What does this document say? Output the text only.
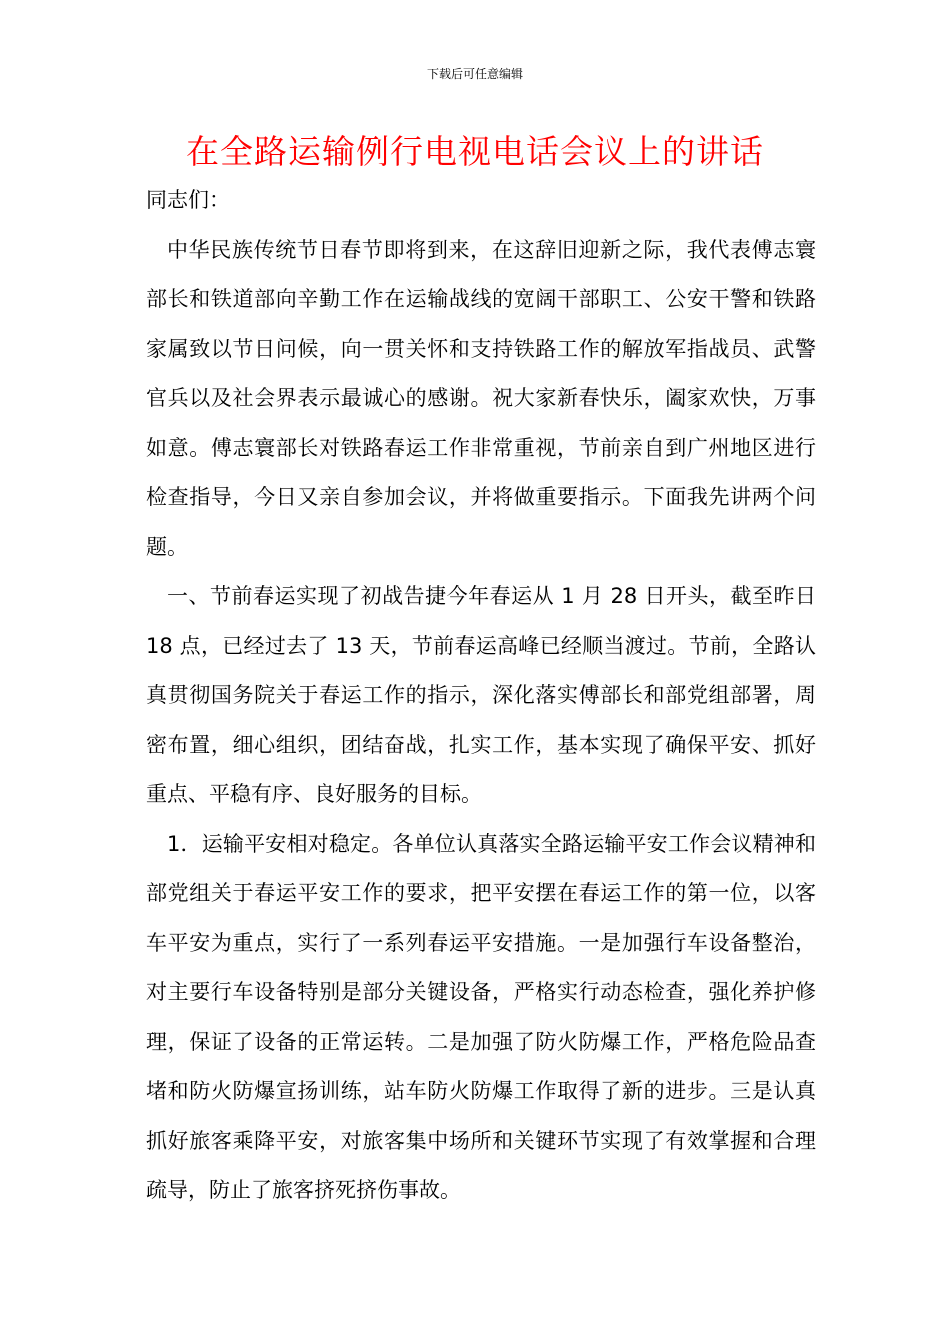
下载后可任意编辑
在全路运输例行电视电话会议上的讲话

同志们：

中华民族传统节日春节即将到来，在这辞旧迎新之际，我代表傅志寰部长和铁道部向辛勤工作在运输战线的宽阔干部职工、公安干警和铁路家属致以节日问候，向一贯关怀和支持铁路工作的解放军指战员、武警官兵以及社会界表示最诚心的感谢。祝大家新春快乐，阖家欢快，万事如意。傅志寰部长对铁路春运工作非常重视，节前亲自到广州地区进行检查指导，今日又亲自参加会议，并将做重要指示。下面我先讲两个问题。

一、节前春运实现了初战告捷今年春运从 1 月 28 日开头，截至昨日 18 点，已经过去了 13 天，节前春运高峰已经顺当渡过。节前，全路认真贯彻国务院关于春运工作的指示，深化落实傅部长和部党组部署，周密布置，细心组织，团结奋战，扎实工作，基本实现了确保平安、抓好重点、平稳有序、良好服务的目标。

1．运输平安相对稳定。各单位认真落实全路运输平安工作会议精神和部党组关于春运平安工作的要求，把平安摆在春运工作的第一位，以客车平安为重点，实行了一系列春运平安措施。一是加强行车设备整治，对主要行车设备特别是部分关键设备，严格实行动态检查，强化养护修理，保证了设备的正常运转。二是加强了防火防爆工作，严格危险品查堵和防火防爆宣扬训练，站车防火防爆工作取得了新的进步。三是认真抓好旅客乘降平安，对旅客集中场所和关键环节实现了有效掌握和合理疏导，防止了旅客挤死挤伤事故。
